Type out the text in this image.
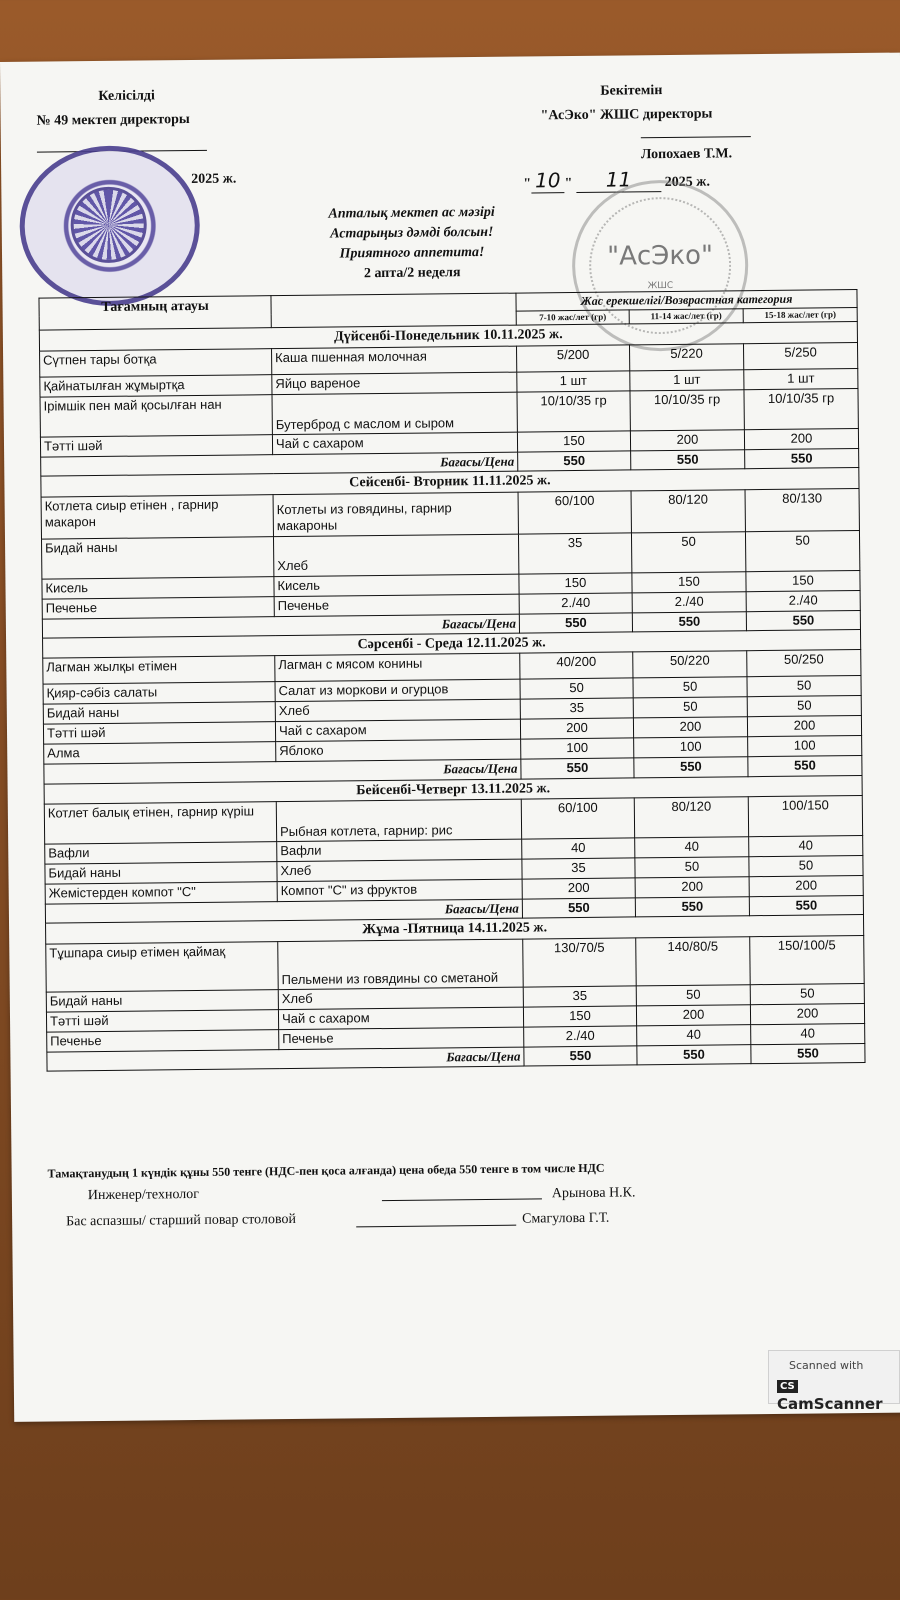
Келісілді
№ 49 мектеп директоры
2025 ж.
Бекітемін
"АсЭко" ЖШС директоры
Лопохаев Т.М.
" 10 " 11 2025 ж.
"АсЭко"
ЖШС
Апталық мектеп ас мәзірі
Астарыңыз дәмді болсын!
Приятного аппетита!
2 апта/2 неделя
Тағамның атауы		Жас ерекшелігі/Возврастная категория		
		7-10 жас/лет (гр)	11-14 жас/лет (гр)	15-18 жас/лет (гр)
Дүйсенбі-Понедельник 10.11.2025 ж.				
Сүтпен тары ботқа	Каша пшенная молочная	5/200	5/220	5/250
Қайнатылған жұмыртқа	Яйцо вареное	1 шт	1 шт	1 шт
Ірімшік пен май қосылған нан	Бутерброд с маслом и сыром	10/10/35 гр	10/10/35 гр	10/10/35 гр
Тәтті шәй	Чай с сахаром	150	200	200
Бағасы/Цена		550	550	550
Сейсенбі- Вторник 11.11.2025 ж.				
Котлета сиыр етінен , гарнир макарон	Котлеты из говядины, гарнир макароны	60/100	80/120	80/130
Бидай наны	Хлеб	35	50	50
Кисель	Кисель	150	150	150
Печенье	Печенье	2./40	2./40	2./40
Бағасы/Цена		550	550	550
Сәрсенбі - Среда 12.11.2025 ж.				
Лагман жылқы етімен	Лагман с мясом конины	40/200	50/220	50/250
Қияр-сәбіз салаты	Салат из моркови и огурцов	50	50	50
Бидай наны	Хлеб	35	50	50
Тәтті шәй	Чай с сахаром	200	200	200
Алма	Яблоко	100	100	100
Бағасы/Цена		550	550	550
Бейсенбі-Четверг 13.11.2025 ж.				
Котлет балық етінен, гарнир күріш	Рыбная котлета, гарнир: рис	60/100	80/120	100/150
Вафли	Вафли	40	40	40
Бидай наны	Хлеб	35	50	50
Жемістерден компот "С"	Компот "С" из фруктов	200	200	200
Бағасы/Цена		550	550	550
Жұма -Пятница 14.11.2025 ж.				
Тұшпара сиыр етімен қаймақ	Пельмени из говядины со сметаной	130/70/5	140/80/5	150/100/5
Бидай наны	Хлеб	35	50	50
Тәтті шәй	Чай с сахаром	150	200	200
Печенье	Печенье	2./40	40	40
Бағасы/Цена		550	550	550
Тамақтанудың 1 күндік құны 550 тенге (НДС-пен қоса алғанда) цена обеда 550 тенге в том числе НДС
Инженер/технолог	Арынова Н.К.
Бас аспазшы/ старший повар столовой	Смагулова Г.Т.
Scanned with
CSCamScanner
